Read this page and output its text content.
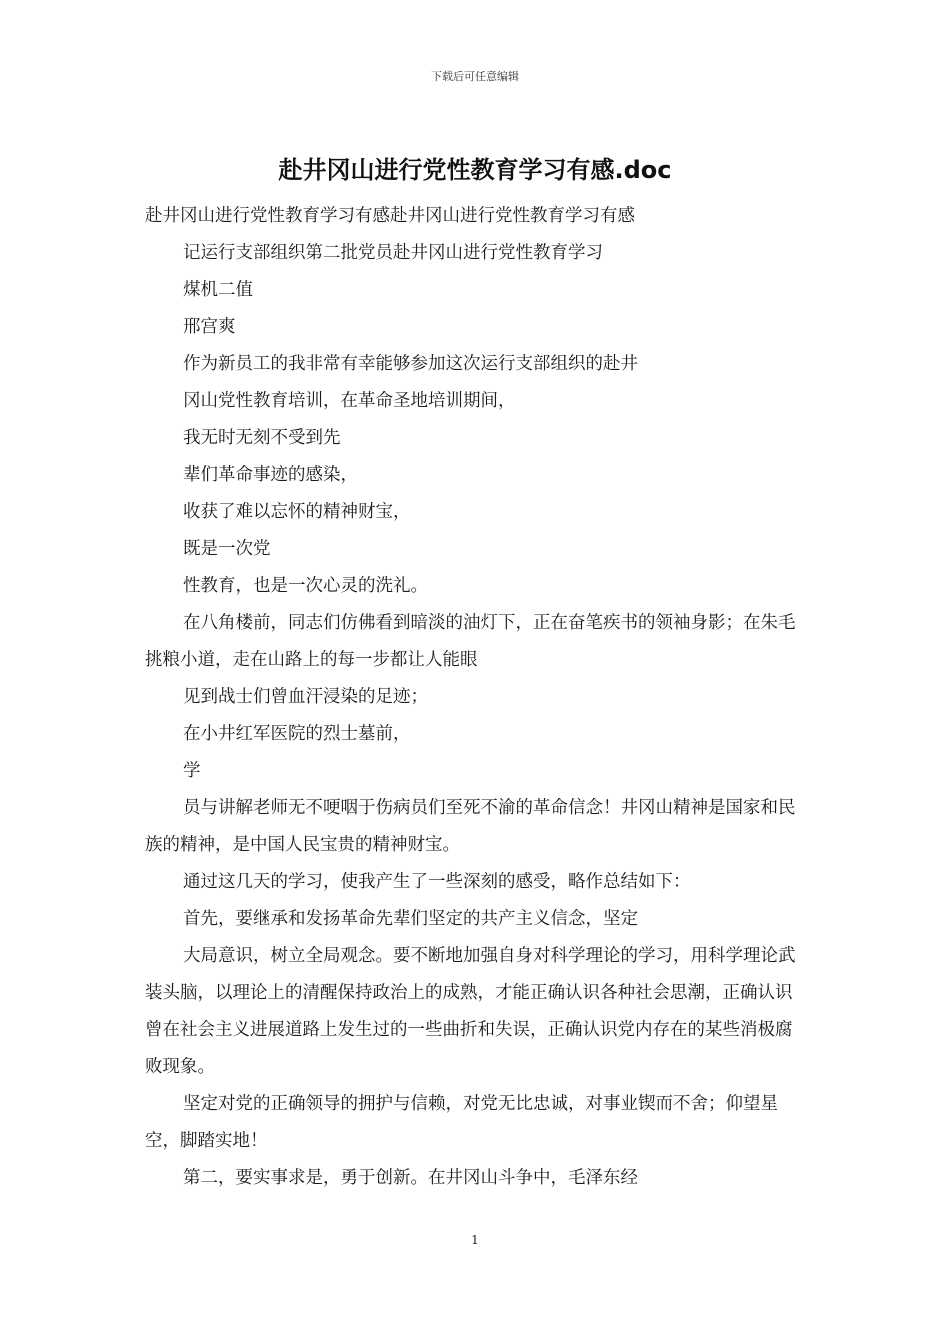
下载后可任意编辑
赴井冈山进行党性教育学习有感.doc

赴井冈山进行党性教育学习有感赴井冈山进行党性教育学习有感

记运行支部组织第二批党员赴井冈山进行党性教育学习

煤机二值

邢宫爽

作为新员工的我非常有幸能够参加这次运行支部组织的赴井

冈山党性教育培训，在革命圣地培训期间，

我无时无刻不受到先

辈们革命事迹的感染，

收获了难以忘怀的精神财宝，

既是一次党

性教育，也是一次心灵的洗礼。

在八角楼前，同志们仿佛看到暗淡的油灯下，正在奋笔疾书的领袖身影；在朱毛挑粮小道，走在山路上的每一步都让人能眼

见到战士们曾血汗浸染的足迹；

在小井红军医院的烈士墓前，

学

员与讲解老师无不哽咽于伤病员们至死不渝的革命信念！井冈山精神是国家和民族的精神，是中国人民宝贵的精神财宝。

通过这几天的学习，使我产生了一些深刻的感受，略作总结如下：

首先，要继承和发扬革命先辈们坚定的共产主义信念，坚定

大局意识，树立全局观念。要不断地加强自身对科学理论的学习，用科学理论武装头脑，以理论上的清醒保持政治上的成熟，才能正确认识各种社会思潮，正确认识曾在社会主义进展道路上发生过的一些曲折和失误，正确认识党内存在的某些消极腐败现象。

坚定对党的正确领导的拥护与信赖，对党无比忠诚，对事业锲而不舍；仰望星空，脚踏实地！

第二，要实事求是，勇于创新。在井冈山斗争中，毛泽东经

1
